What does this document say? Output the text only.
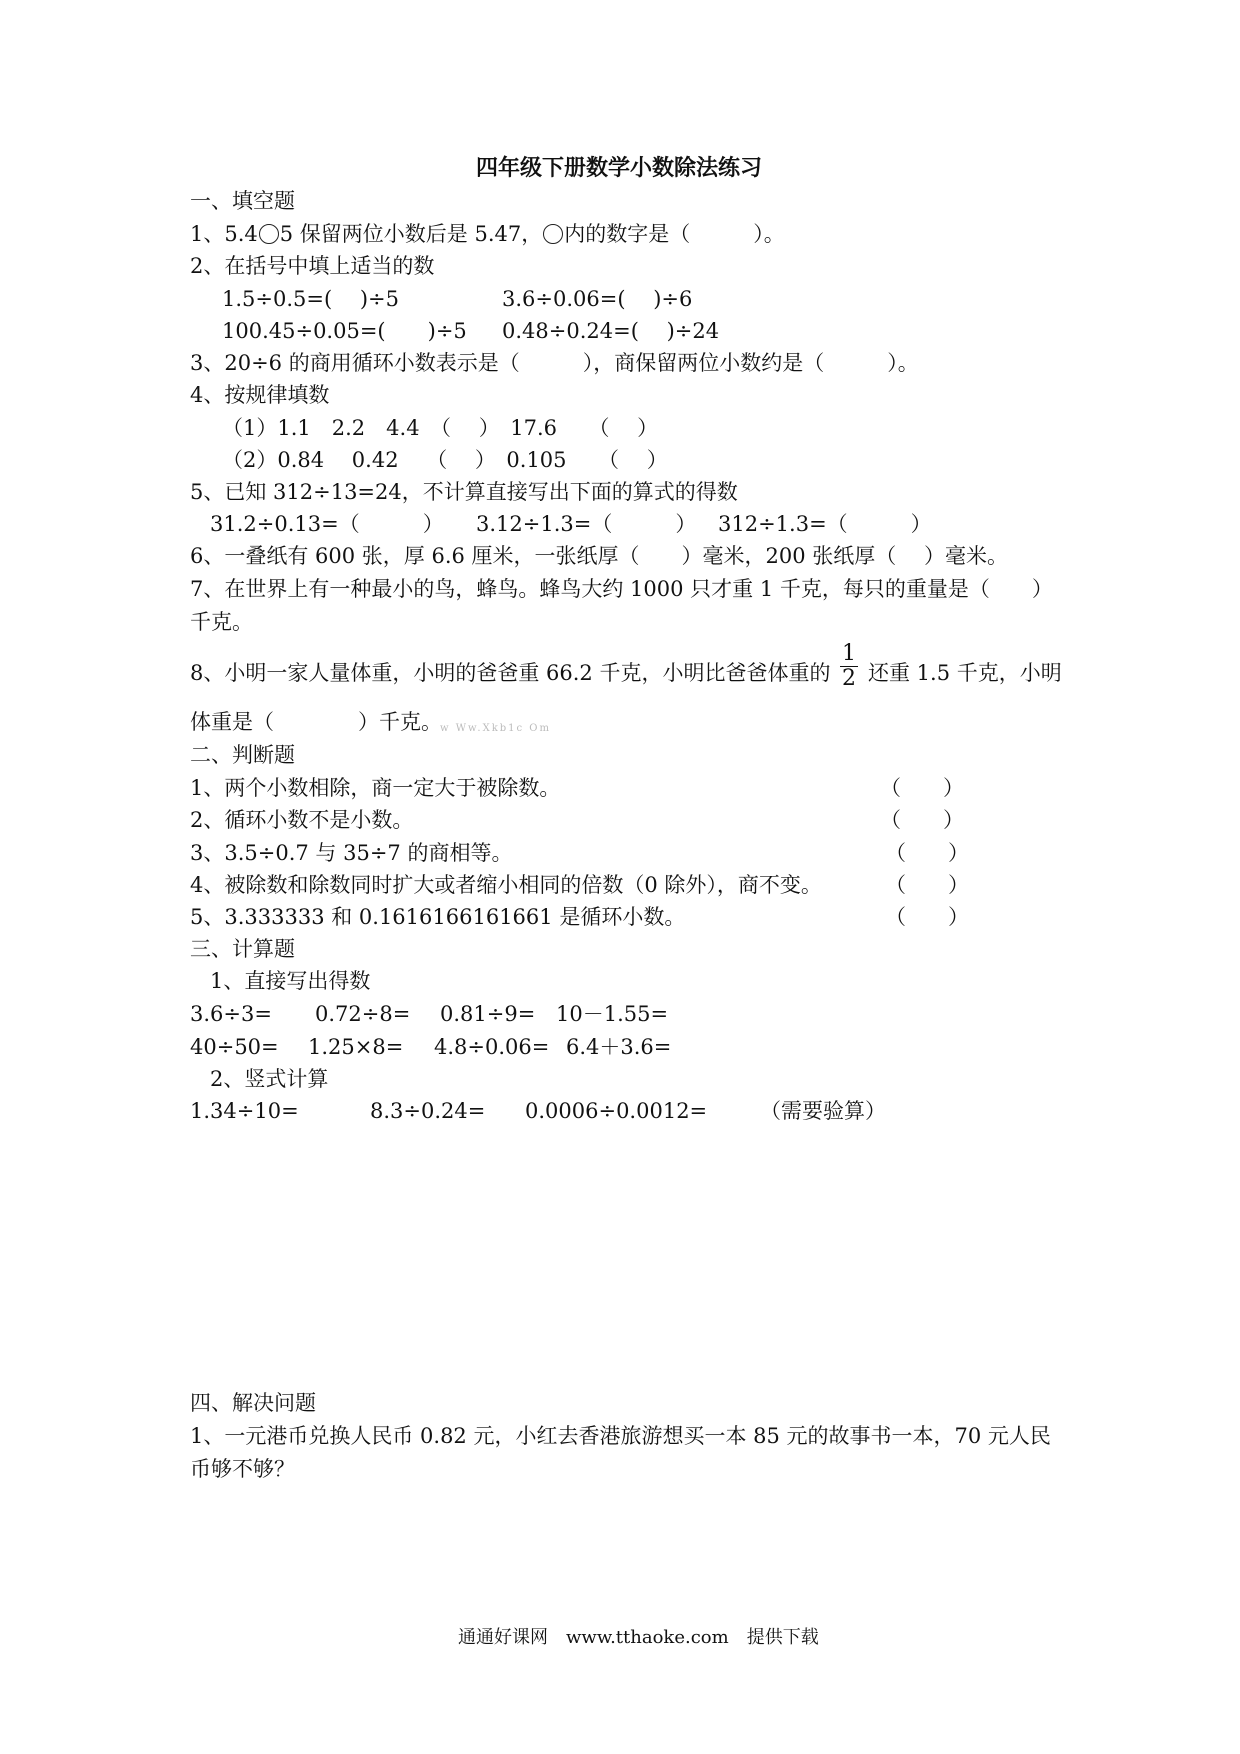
四年级下册数学小数除法练习
一、填空题
1、5.4 5 保留两位小数后是 5.47， 内的数字是（　　　）。
2、在括号中填上适当的数
1.5÷0.5=(　 )÷5	3.6÷0.06=(　 )÷6
100.45÷0.05=(　　)÷5 0.48÷0.24=(　 )÷24
3、20÷6 的商用循环小数表示是（　　　），商保留两位小数约是（　　　）。
4、按规律填数
（1）1.1　2.2　4.4　（　 ）　17.6　　（　 ）
（2）0.84　 0.42　 （　 ）　0.105　　（　 ）
5、已知 312÷13=24，不计算直接写出下面的算式的得数
31.2÷0.13=（　　　） 3.12÷1.3=（　　　） 312÷1.3=（　　　）
6、一叠纸有 600 张，厚 6.6 厘米，一张纸厚（　　）毫米，200 张纸厚（　 ）毫米。
7、在世界上有一种最小的鸟，蜂鸟。蜂鸟大约 1000 只才重 1 千克，每只的重量是（　　）
千克。
8、小明一家人量体重，小明的爸爸重 66.2 千克，小明比爸爸体重的 $\frac{1}{2}$ 还重 1.5 千克，小明
体重是（　　　　）千克。
w Ww.Xkb1c Om
二、判断题
1、两个小数相除，商一定大于被除数。	（　　）
2、循环小数不是小数。	（　　）
3、3.5÷0.7 与 35÷7 的商相等。	（　　）
4、被除数和除数同时扩大或者缩小相同的倍数（0 除外），商不变。	（　　）
5、3.333333 和 0.1616166161661 是循环小数。	（　　）
三、计算题
1、直接写出得数
3.6÷3= 0.72÷8= 0.81÷9= 10－1.55=
40÷50= 1.25×8= 4.8÷0.06= 6.4＋3.6=
2、竖式计算
1.34÷10=	8.3÷0.24= 0.0006÷0.0012=	（需要验算）
四、解决问题
1、一元港币兑换人民币 0.82 元，小红去香港旅游想买一本 85 元的故事书一本，70 元人民
币够不够？
通通好课网　www.tthaoke.com　提供下载
